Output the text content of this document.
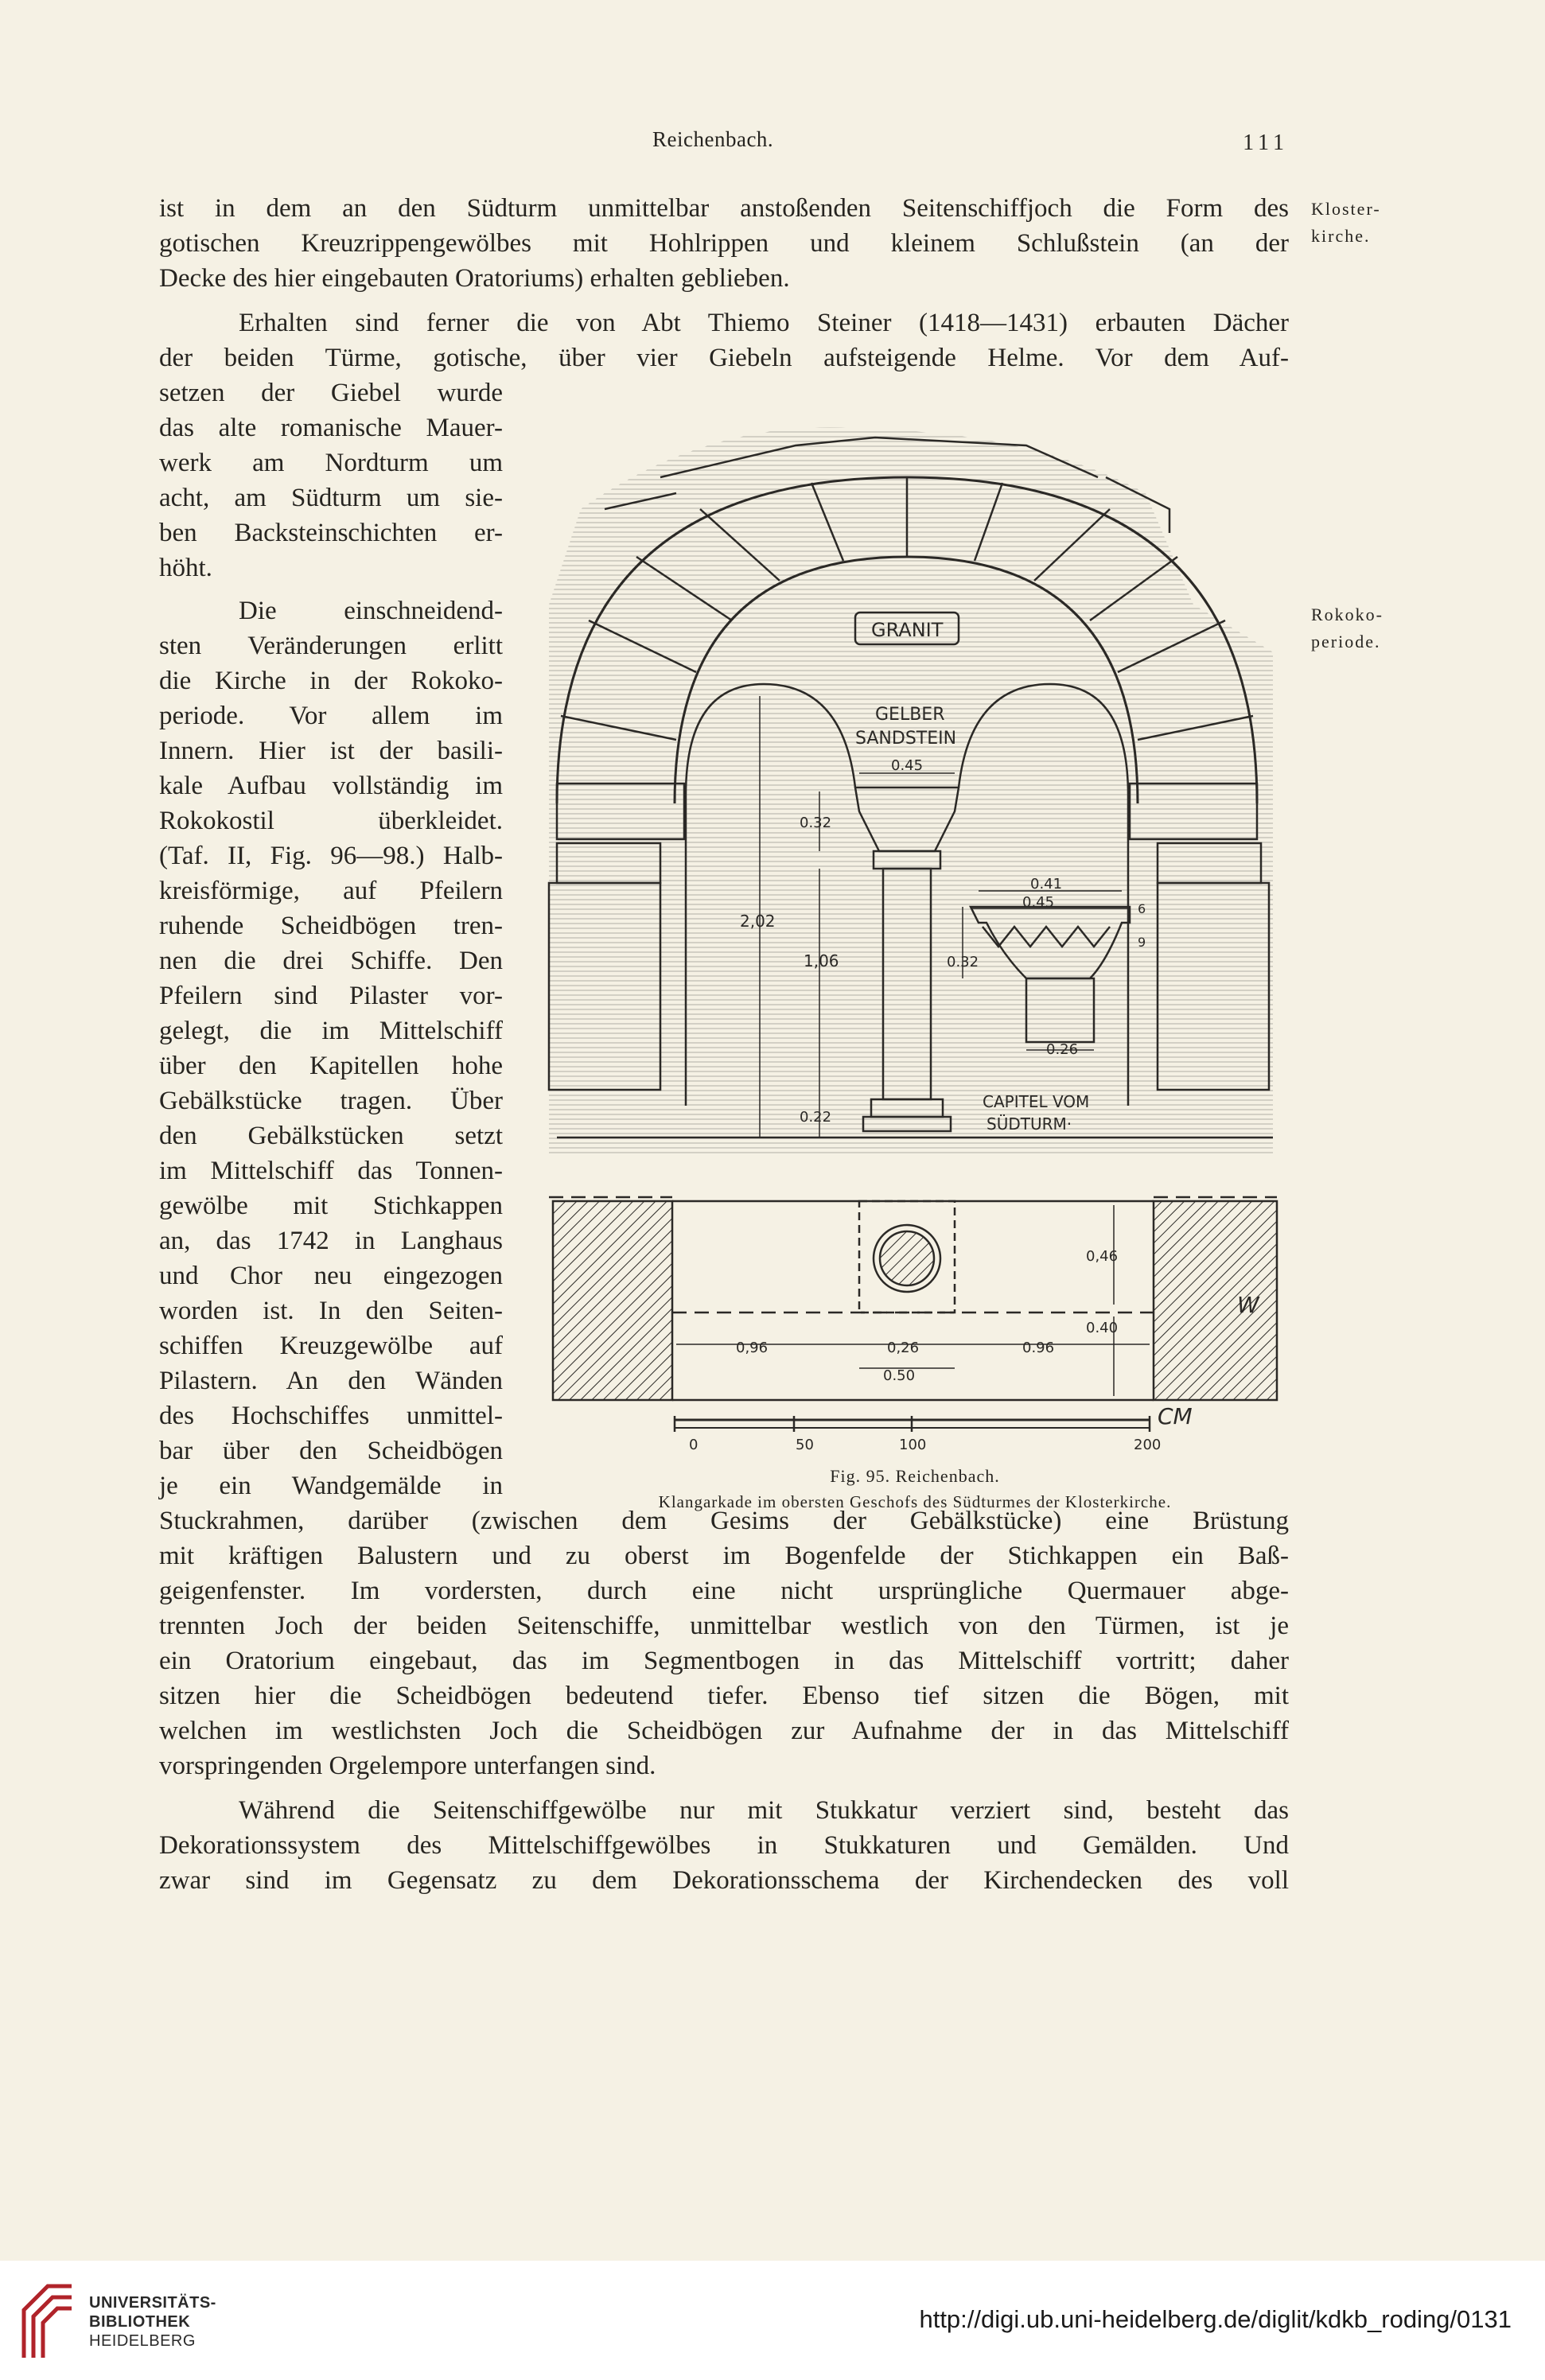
Reichenbach.	111
Kloster-
kirche.
Rokoko-
periode.
ist in dem an den Südturm unmittelbar anstoßenden Seitenschiffjoch die Form des
gotischen Kreuzrippengewölbes mit Hohlrippen und kleinem Schlußstein (an der
Decke des hier eingebauten Oratoriums) erhalten geblieben.
Erhalten sind ferner die von Abt Thiemo Steiner (1418—1431) erbauten Dächer
der beiden Türme, gotische, über vier Giebeln aufsteigende Helme. Vor dem Auf-
setzen der Giebel wurde
das alte romanische Mauer-
werk am Nordturm um
acht, am Südturm um sie-
ben Backsteinschichten er-
höht.
Die einschneidend-
sten Veränderungen erlitt
die Kirche in der Rokoko-
periode. Vor allem im
Innern. Hier ist der basili-
kale Aufbau vollständig im
Rokokostil überkleidet.
(Taf. II, Fig. 96—98.) Halb-
kreisförmige, auf Pfeilern
ruhende Scheidbögen tren-
nen die drei Schiffe. Den
Pfeilern sind Pilaster vor-
gelegt, die im Mittelschiff
über den Kapitellen hohe
Gebälkstücke tragen. Über
den Gebälkstücken setzt
im Mittelschiff das Tonnen-
gewölbe mit Stichkappen
an, das 1742 in Langhaus
und Chor neu eingezogen
worden ist. In den Seiten-
schiffen Kreuzgewölbe auf
Pilastern. An den Wänden
des Hochschiffes unmittel-
bar über den Scheidbögen
je ein Wandgemälde in
Stuckrahmen, darüber (zwischen dem Gesims der Gebälkstücke) eine Brüstung
mit kräftigen Balustern und zu oberst im Bogenfelde der Stichkappen ein Baß-
geigenfenster. Im vordersten, durch eine nicht ursprüngliche Quermauer abge-
trennten Joch der beiden Seitenschiffe, unmittelbar westlich von den Türmen, ist je
ein Oratorium eingebaut, das im Segmentbogen in das Mittelschiff vortritt; daher
sitzen hier die Scheidbögen bedeutend tiefer. Ebenso tief sitzen die Bögen, mit
welchen im westlichsten Joch die Scheidbögen zur Aufnahme der in das Mittelschiff
vorspringenden Orgelempore unterfangen sind.
Während die Seitenschiffgewölbe nur mit Stukkatur verziert sind, besteht das
Dekorationssystem des Mittelschiffgewölbes in Stukkaturen und Gemälden. Und
zwar sind im Gegensatz zu dem Dekorationsschema der Kirchendecken des voll
GRANIT
GELBER
SANDSTEIN
CAPITEL VOM
SÜDTURM·
W
CM
0.45
0.32
2,02
1,06
0.22
0.41
0.45
0.32
6
9
0.26
0,46
0.40
0,96	0,26	0.96
0.50
0	50	100	200
Fig. 95. Reichenbach.
Klangarkade im obersten Geschofs des Südturmes der Klosterkirche.
UNIVERSITÄTS-
BIBLIOTHEK
HEIDELBERG
http://digi.ub.uni-heidelberg.de/diglit/kdkb_roding/0131
